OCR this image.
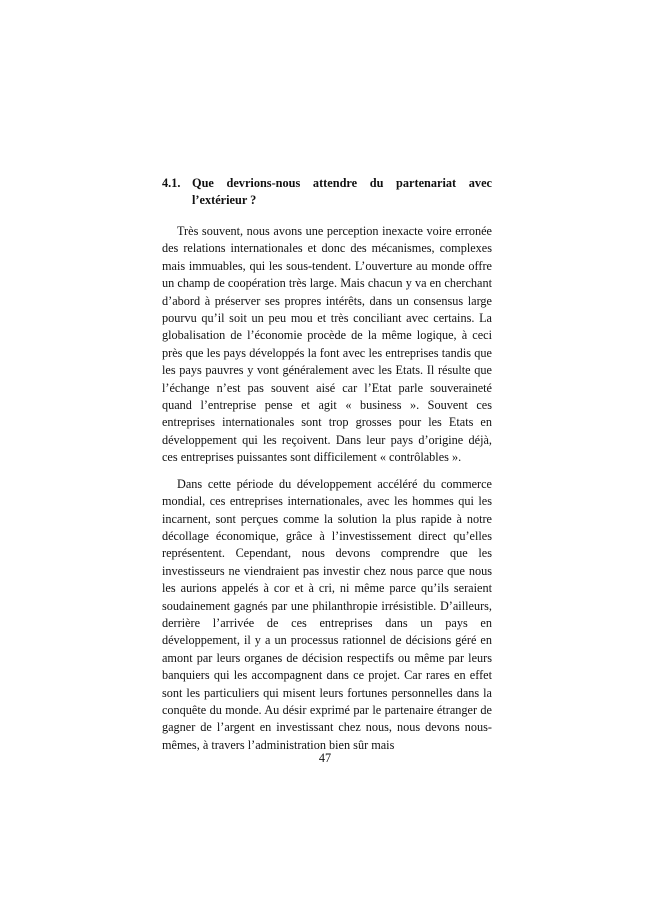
4.1. Que devrions-nous attendre du partenariat avec l’extérieur ?

Très souvent, nous avons une perception inexacte voire erronée des relations internationales et donc des mécanismes, complexes mais immuables, qui les sous-tendent. L’ouverture au monde offre un champ de coopération très large. Mais chacun y va en cherchant d’abord à préserver ses propres intérêts, dans un consensus large pourvu qu’il soit un peu mou et très conciliant avec certains. La globalisation de l’économie procède de la même logique, à ceci près que les pays développés la font avec les entreprises tandis que les pays pauvres y vont généralement avec les Etats. Il résulte que l’échange n’est pas souvent aisé car l’Etat parle souveraineté quand l’entreprise pense et agit « business ». Souvent ces entreprises internationales sont trop grosses pour les Etats en développement qui les reçoivent. Dans leur pays d’origine déjà, ces entreprises puissantes sont difficilement « contrôlables ».

Dans cette période du développement accéléré du commerce mondial, ces entreprises internationales, avec les hommes qui les incarnent, sont perçues comme la solution la plus rapide à notre décollage économique, grâce à l’investissement direct qu’elles représentent. Cependant, nous devons comprendre que les investisseurs ne viendraient pas investir chez nous parce que nous les aurions appelés à cor et à cri, ni même parce qu’ils seraient soudainement gagnés par une philanthropie irrésistible. D’ailleurs, derrière l’arrivée de ces entreprises dans un pays en développement, il y a un processus rationnel de décisions géré en amont par leurs organes de décision respectifs ou même par leurs banquiers qui les accompagnent dans ce projet. Car rares en effet sont les particuliers qui misent leurs fortunes personnelles dans la conquête du monde. Au désir exprimé par le partenaire étranger de gagner de l’argent en investissant chez nous, nous devons nous-mêmes, à travers l’administration bien sûr mais

47
